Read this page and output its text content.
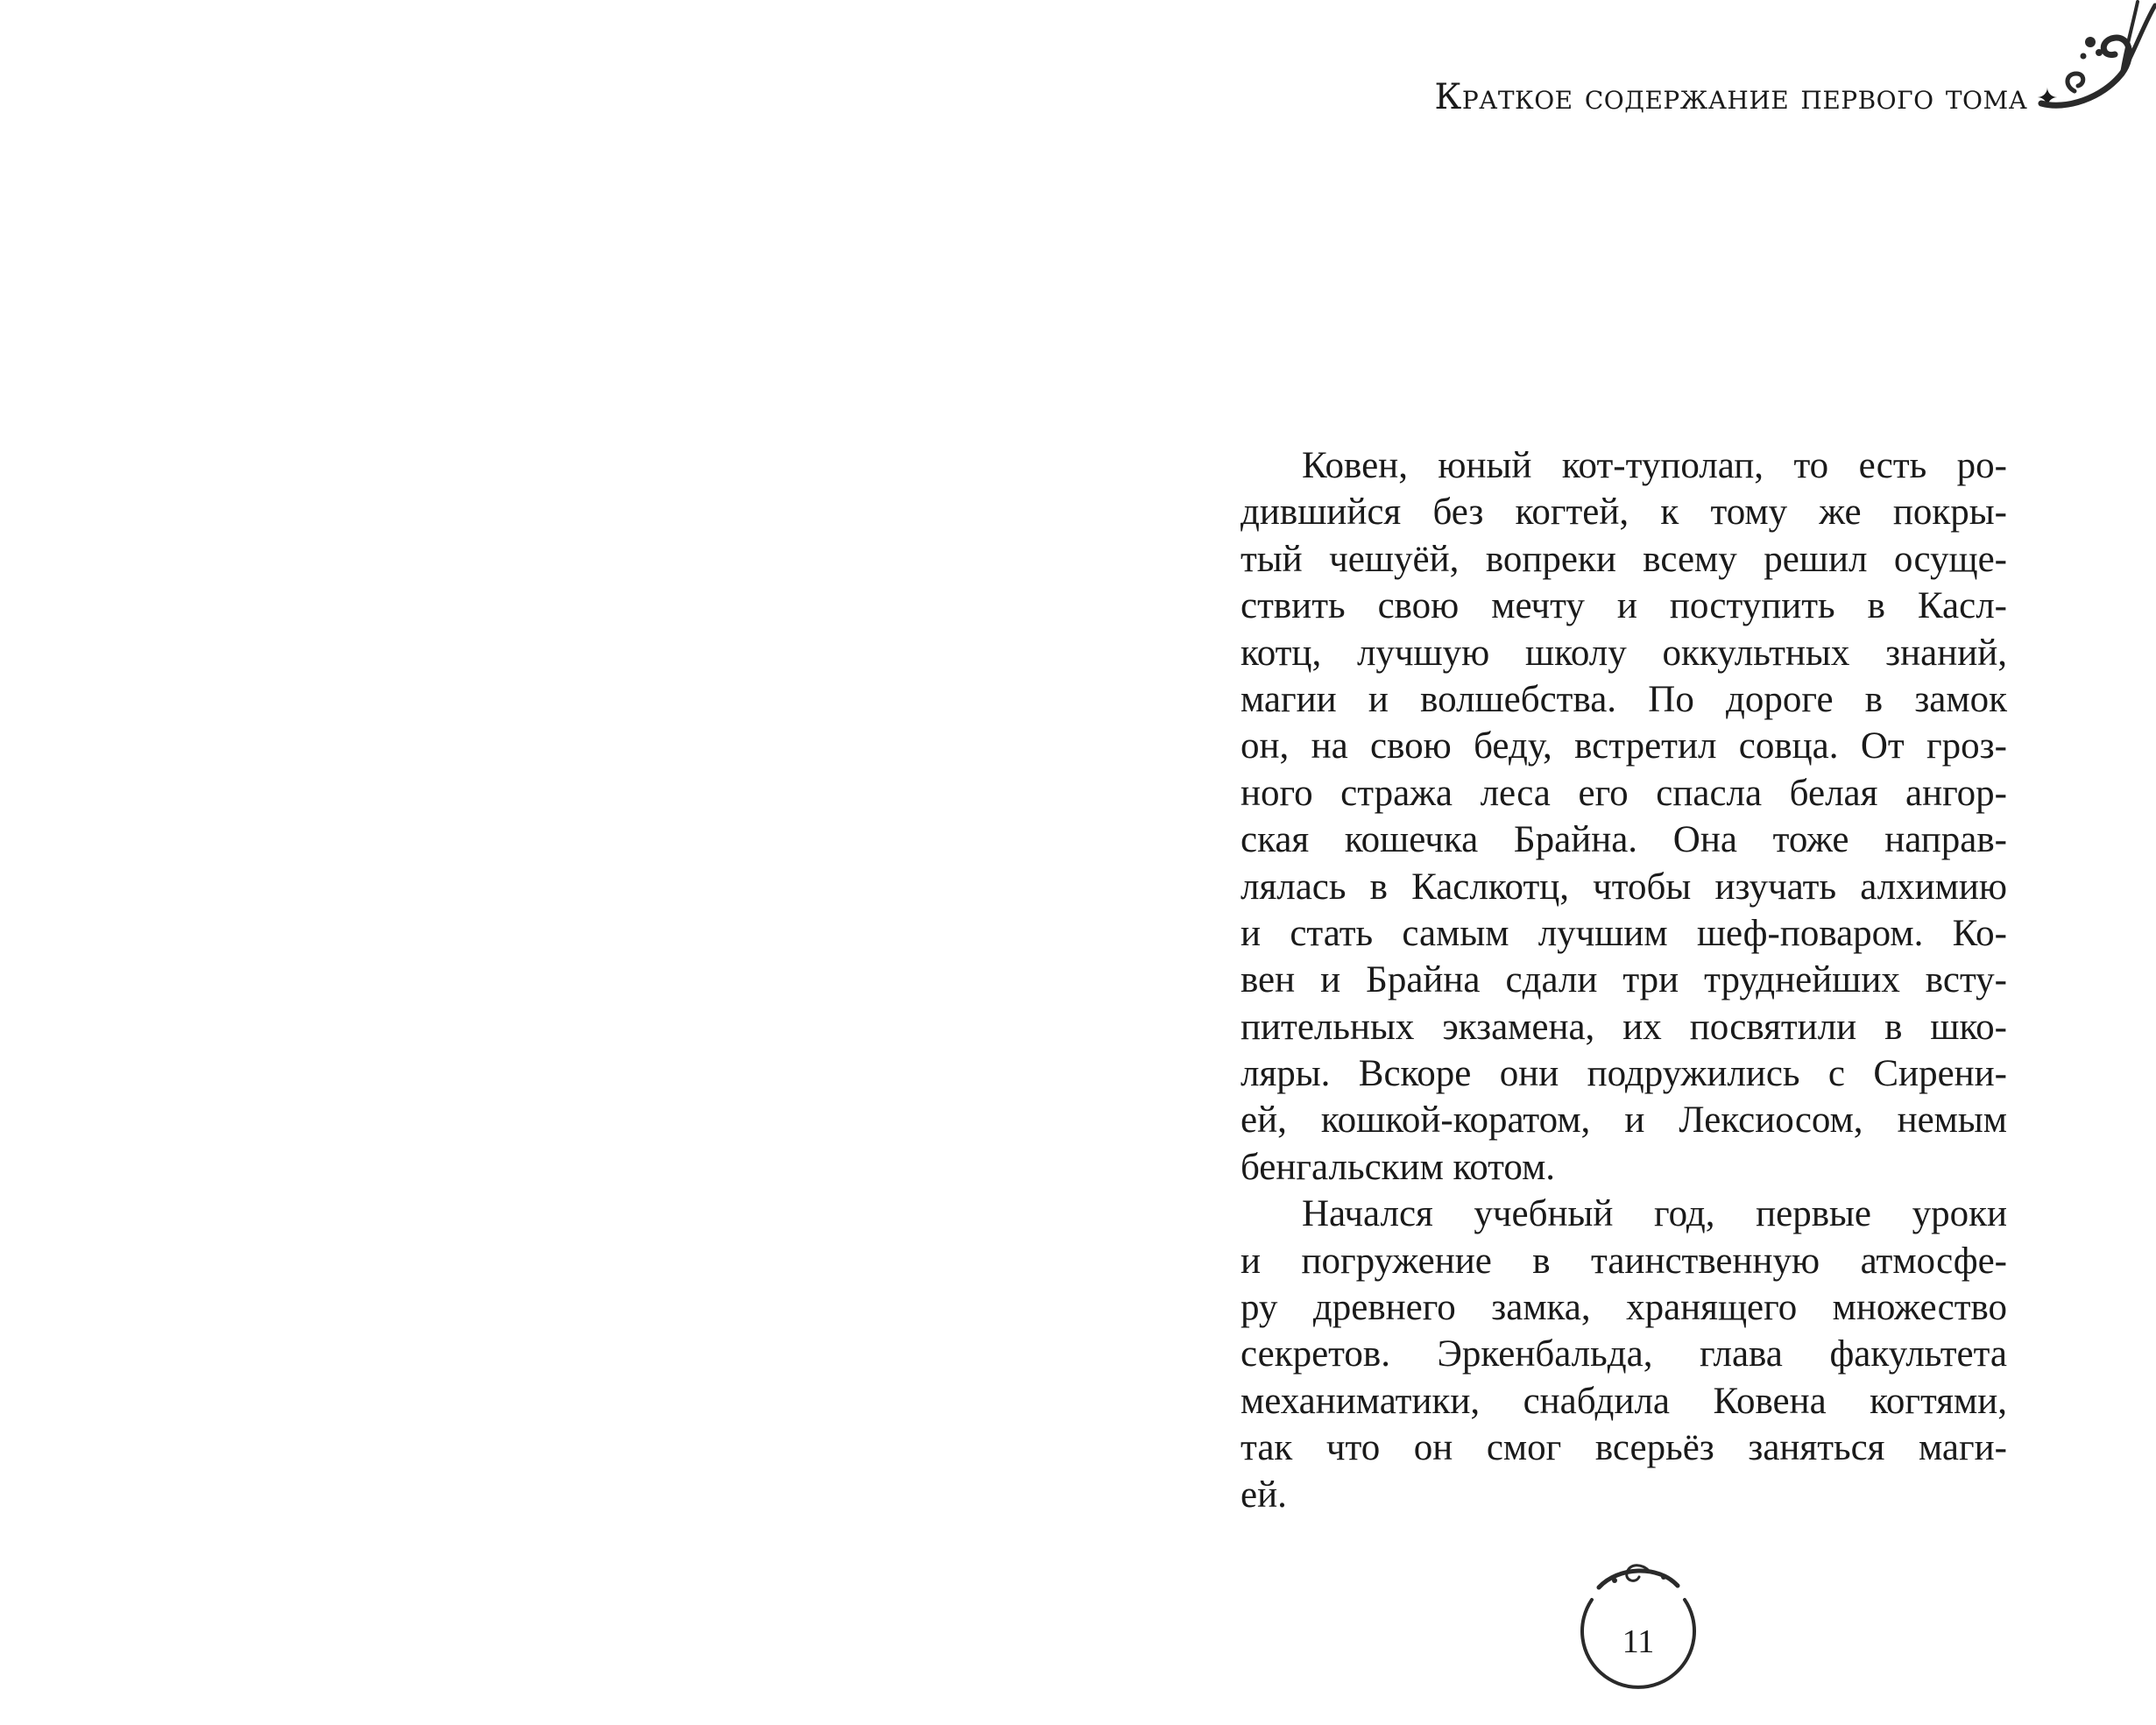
Краткое содержание первого тома ✦
Ковен, юный кот-туполап, то есть ро-
дившийся без когтей, к тому же покры-
тый чешуёй, вопреки всему решил осуще-
ствить свою мечту и поступить в Касл-
котц, лучшую школу оккультных знаний,
магии и волшебства. По дороге в замок
он, на свою беду, встретил совца. От гроз-
ного стража леса его спасла белая ангор-
ская кошечка Брайна. Она тоже направ-
лялась в Каслкотц, чтобы изучать алхимию
и стать самым лучшим шеф-поваром. Ко-
вен и Брайна сдали три труднейших всту-
пительных экзамена, их посвятили в шко-
ляры. Вскоре они подружились с Сирени-
ей, кошкой-коратом, и Лексиосом, немым
бенгальским котом.
Начался учебный год, первые уроки
и погружение в таинственную атмосфе-
ру древнего замка, хранящего множество
секретов. Эркенбальда, глава факультета
механиматики, снабдила Ковена когтями,
так что он смог всерьёз заняться маги-
ей.
11
